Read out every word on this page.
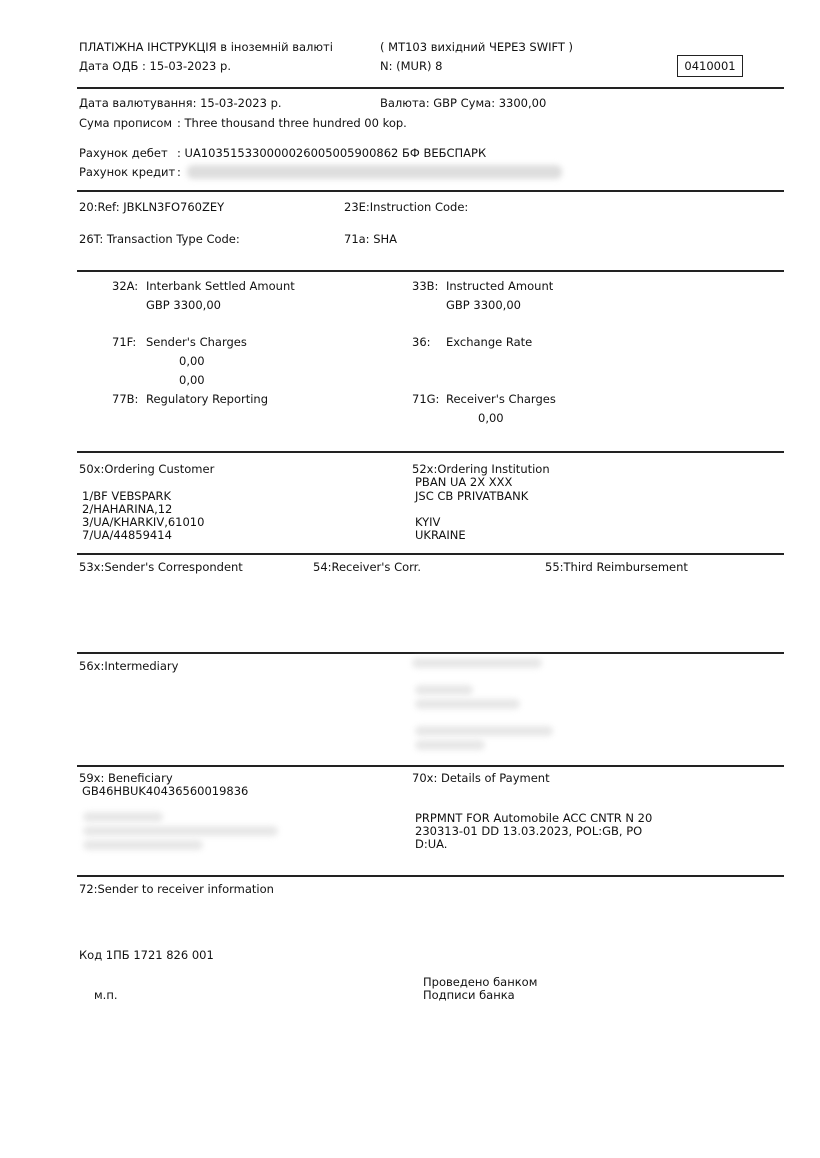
ПЛАТІЖНА ІНСТРУКЦІЯ в іноземній валюті	( MT103 вихідний ЧЕРЕЗ SWIFT )
Дата ОДБ : 15-03-2023 р.	N: (MUR) 8	0410001
Дата валютування: 15-03-2023 р.	Валюта: GBP Сума: 3300,00
Сума прописом : Three thousand three hundred 00 kop.
Рахунок дебет : UA103515330000026005005900862 БФ ВЕБСПАРК
Рахунок кредит :
20:Ref: JBKLN3FO760ZEY	23E:Instruction Code:
26T: Transaction Type Code:	71a: SHA
32A: Interbank Settled Amount
GBP 3300,00
33B: Instructed Amount
GBP 3300,00
71F: Sender's Charges
0,00
0,00
36: Exchange Rate
77B: Regulatory Reporting	71G: Receiver's Charges
0,00
50x:Ordering Customer
1/BF VEBSPARK
2/HAHARINA,12
3/UA/KHARKIV,61010
7/UA/44859414
52x:Ordering Institution
PBAN UA 2X XXX
JSC CB PRIVATBANK
KYIV
UKRAINE
53x:Sender's Correspondent	54:Receiver's Corr.	55:Third Reimbursement
56x:Intermediary
59x: Beneficiary
GB46HBUK40436560019836
70x: Details of Payment
PRPMNT FOR Automobile ACC CNTR N 20
230313-01 DD 13.03.2023, POL:GB, PO
D:UA.
72:Sender to receiver information
Код 1ПБ 1721 826 001
Проведено банком
Подписи банка
м.п.
